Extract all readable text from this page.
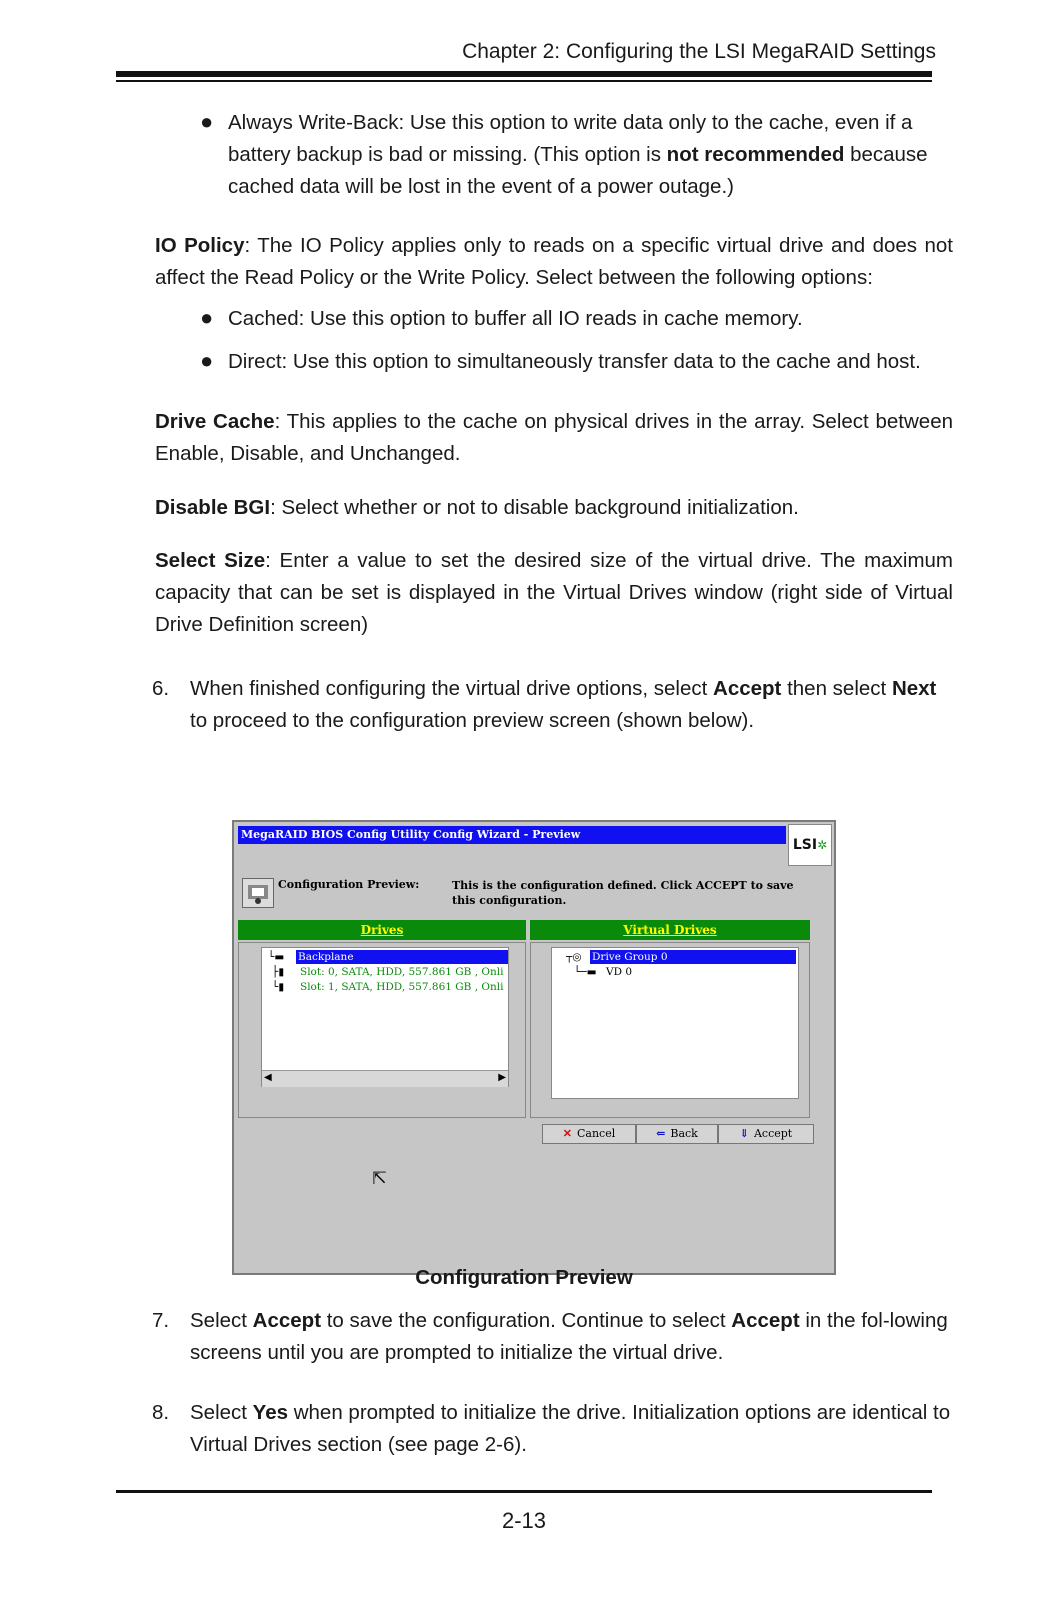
Chapter 2: Configuring the LSI MegaRAID Settings
● Always Write-Back: Use this option to write data only to the cache, even if a battery backup is bad or missing. (This option is not recommended because cached data will be lost in the event of a power outage.)
IO Policy: The IO Policy applies only to reads on a specific virtual drive and does not affect the Read Policy or the Write Policy. Select between the following options:
● Cached: Use this option to buffer all IO reads in cache memory.
● Direct: Use this option to simultaneously transfer data to the cache and host.
Drive Cache: This applies to the cache on physical drives in the array. Select between Enable, Disable, and Unchanged.
Disable BGI: Select whether or not to disable background initialization.
Select Size: Enter a value to set the desired size of the virtual drive. The maximum capacity that can be set is displayed in the Virtual Drives window (right side of Virtual Drive Definition screen)
6. When finished configuring the virtual drive options, select Accept then select Next to proceed to the configuration preview screen (shown below).
MegaRAID BIOS Config Utility Config Wizard - Preview
LSI✲
Configuration Preview:	This is the configuration defined. Click ACCEPT to save this configuration.
Drives
└▬ Backplane
├▮ Slot: 0, SATA, HDD, 557.861 GB , Onli
└▮ Slot: 1, SATA, HDD, 557.861 GB , Onli
◀	▶
Virtual Drives
┬◎ Drive Group 0
└─▬ VD 0
✕ Cancel	⇐ Back	⇓ Accept
⇱
Configuration Preview
7. Select Accept to save the configuration. Continue to select Accept in the fol-lowing screens until you are prompted to initialize the virtual drive.
8. Select Yes when prompted to initialize the drive. Initialization options are identical to Virtual Drives section (see page 2-6).
2-13
